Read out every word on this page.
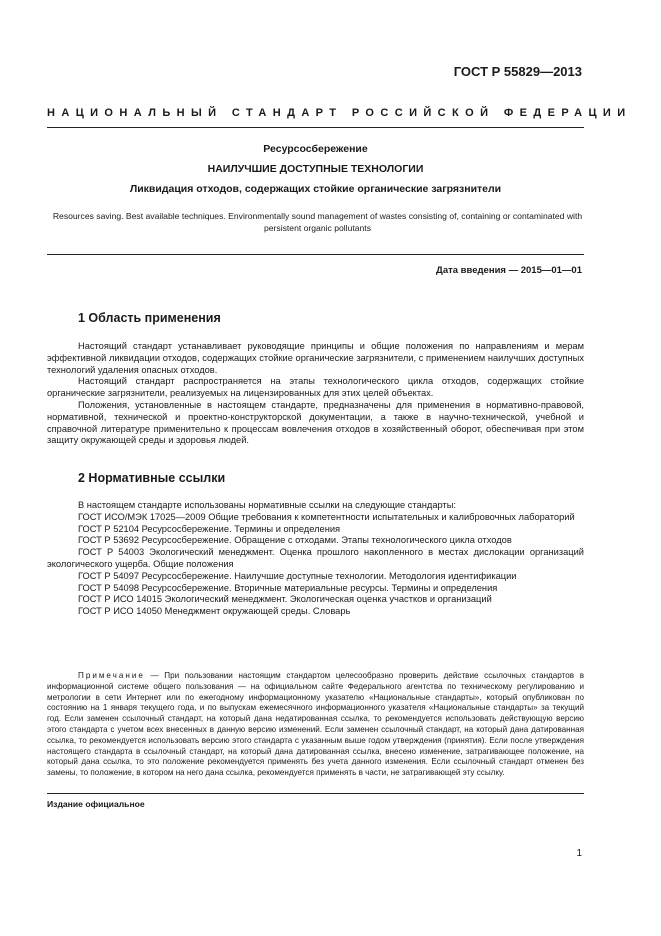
ГОСТ Р 55829—2013
НАЦИОНАЛЬНЫЙ СТАНДАРТ РОССИЙСКОЙ ФЕДЕРАЦИИ
Ресурсосбережение
НАИЛУЧШИЕ ДОСТУПНЫЕ ТЕХНОЛОГИИ
Ликвидация отходов, содержащих стойкие органические загрязнители
Resources saving. Best available techniques. Environmentally sound management of wastes consisting of, containing or contaminated with persistent organic pollutants
Дата введения — 2015—01—01
1 Область применения

Настоящий стандарт устанавливает руководящие принципы и общие положения по направлениям и мерам эффективной ликвидации отходов, содержащих стойкие органические загрязнители, с применением наилучших доступных технологий удаления опасных отходов.

Настоящий стандарт распространяется на этапы технологического цикла отходов, содержащих стойкие органические загрязнители, реализуемых на лицензированных для этих целей объектах.

Положения, установленные в настоящем стандарте, предназначены для применения в нормативно-правовой, нормативной, технической и проектно-конструкторской документации, а также в научно-технической, учебной и справочной литературе применительно к процессам вовлечения отходов в хозяйственный оборот, обеспечивая при этом защиту окружающей среды и здоровья людей.

2 Нормативные ссылки

В настоящем стандарте использованы нормативные ссылки на следующие стандарты:

ГОСТ ИСО/МЭК 17025—2009 Общие требования к компетентности испытательных и калибровочных лабораторий

ГОСТ Р 52104 Ресурсосбережение. Термины и определения

ГОСТ Р 53692 Ресурсосбережение. Обращение с отходами. Этапы технологического цикла отходов

ГОСТ Р 54003 Экологический менеджмент. Оценка прошлого накопленного в местах дислокации организаций экологического ущерба. Общие положения

ГОСТ Р 54097 Ресурсосбережение. Наилучшие доступные технологии. Методология идентификации

ГОСТ Р 54098 Ресурсосбережение. Вторичные материальные ресурсы. Термины и определения

ГОСТ Р ИСО 14015 Экологический менеджмент. Экологическая оценка участков и организаций

ГОСТ Р ИСО 14050 Менеджмент окружающей среды. Словарь

Примечание — При пользовании настоящим стандартом целесообразно проверить действие ссылочных стандартов в информационной системе общего пользования — на официальном сайте Федерального агентства по техническому регулированию и метрологии в сети Интернет или по ежегодному информационному указателю «Национальные стандарты», который опубликован по состоянию на 1 января текущего года, и по выпускам ежемесячного информационного указателя «Национальные стандарты» за текущий год. Если заменен ссылочный стандарт, на который дана недатированная ссылка, то рекомендуется использовать действующую версию этого стандарта с учетом всех внесенных в данную версию изменений. Если заменен ссылочный стандарт, на который дана датированная ссылка, то рекомендуется использовать версию этого стандарта с указанным выше годом утверждения (принятия). Если после утверждения настоящего стандарта в ссылочный стандарт, на который дана датированная ссылка, внесено изменение, затрагивающее положение, на который дана ссылка, то это положение рекомендуется применять без учета данного изменения. Если ссылочный стандарт отменен без замены, то положение, в котором на него дана ссылка, рекомендуется применять в части, не затрагивающей эту ссылку.
Издание официальное
1
